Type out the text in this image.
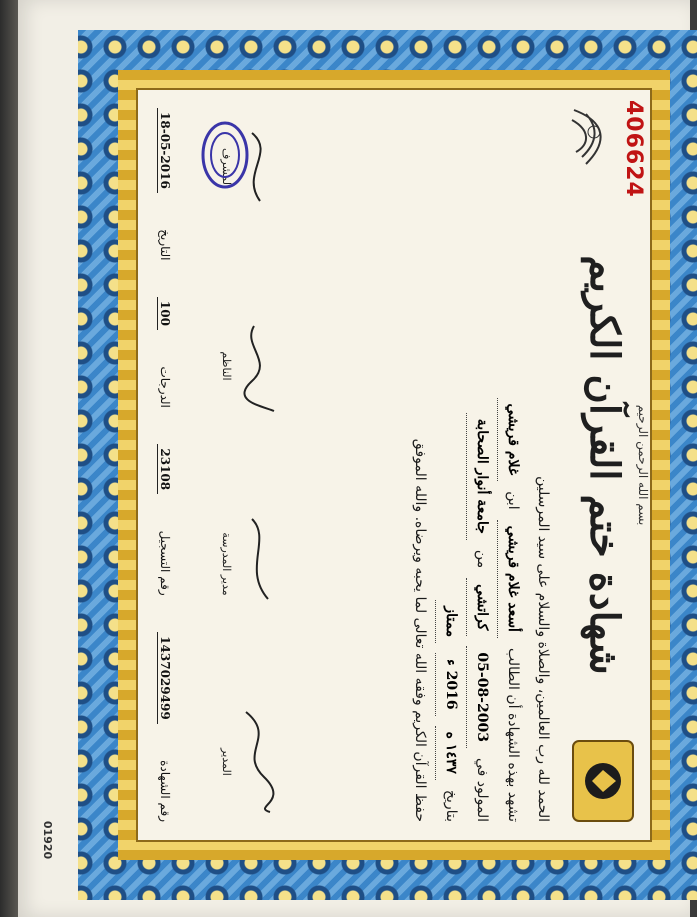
01920
بسم الله الرحمن الرحيم
شهادة ختم القرآن الكريم
406624
الحمد لله رب العالمين، والصلاة والسلام على سيد المرسلين
تشهد بهذه الشهادة أن الطالب
أسعد غلام قريشي
ابن
غلام قريشي
المولود في
05-08-2003
كراتشي
من
جامعة أنوار الصحابة
بتاريخ
١٤٣٧ ه
2016 ء
ممتاز
حفظ القرآن الكريم وفقه الله تعالى لما يحبه ويرضاه. والله الموفق
المدير
مدير المدرسة
الناظم
المشرف
رقم الشهادة
1437029499
رقم التسجيل
23108
الدرجات
100
التاريخ
18-05-2016
